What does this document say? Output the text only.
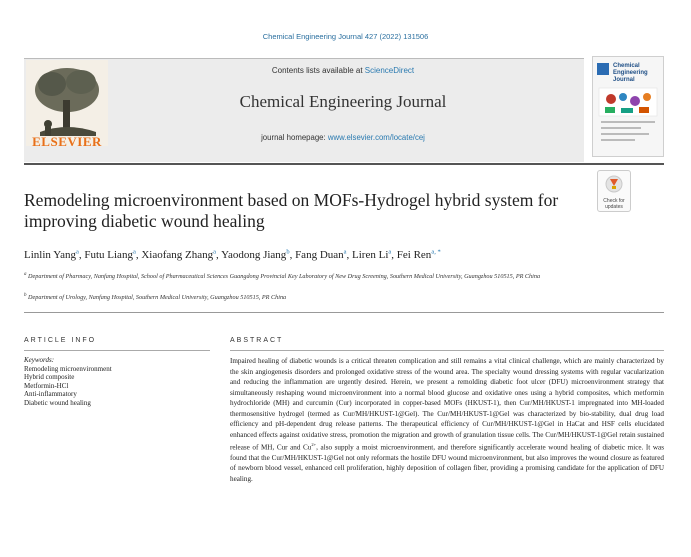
Chemical Engineering Journal 427 (2022) 131506
ELSEVIER
Contents lists available at ScienceDirect
Chemical Engineering Journal
journal homepage: www.elsevier.com/locate/cej
Chemical Engineering Journal
Remodeling microenvironment based on MOFs-Hydrogel hybrid system for improving diabetic wound healing
Check for
updates
Linlin Yang$^a$, Futu Liang$^a$, Xiaofang Zhang$^a$, Yaodong Jiang$^b$, Fang Duan$^a$, Liren Li$^a$, Fei Ren$^{a, *}$
$^a$ Department of Pharmacy, Nanfang Hospital, School of Pharmaceutical Sciences Guangdong Provincial Key Laboratory of New Drug Screening, Southern Medical University, Guangzhou 510515, PR China
$^b$ Department of Urology, Nanfang Hospital, Southern Medical University, Guangzhou 510515, PR China
ARTICLE INFO	ABSTRACT
Keywords:
Remodeling microenvironment
Hybrid composite
Metformin-HCl
Anti-inflammatory
Diabetic wound healing

Impaired healing of diabetic wounds is a critical threaten complication and still remains a vital clinical challenge, which are mainly characterized by the skin angiogenesis disorders and prolonged oxidative stress of the wound area. The specialty wound dressing systems with regular vacularization and reducing the inflammation are urgently desired. Herein, we present a remolding diabetic foot ulcer (DFU) microenvironment strategy that simultaneously reshaping wound microenvironment into a normal blood glucose and oxidative ones using a hybrid composites, which metformin hydrochloride (MH) and curcumin (Cur) incorporated in copper-based MOFs (HKUST-1), then Cur/MH/HKUST-1 impregnated into MH-loaded thermosensitive hydrogel (termed as Cur/MH/HKUST-1@Gel). The Cur/MH/HKUST-1@Gel was characterized by bio-stability, dual drug load efficiency and pH-dependent drug release patterns. The therapeutical efficiency of Cur/MH/HKUST-1@Gel in HaCat and HSF cells elucidated enhanced effects against oxidative stress, promotion the migration and growth of granulation tissue cells. The Cur/MH/HKUST-1@Gel retain sustained release of MH, Cur and $Cu^{2+}$, also supply a moist microenvironment, and therefore significantly accelerate wound healing of diabetic mice. It was found that the Cur/MH/HKUST-1@Gel not only reformats the hostile DFU wound microenvironment, but also improves the wound closure as featured of newborn blood vessel, enhanced cell proliferation, highly deposition of collagen fiber, providing a promising candidate for the application of DFU healing.
